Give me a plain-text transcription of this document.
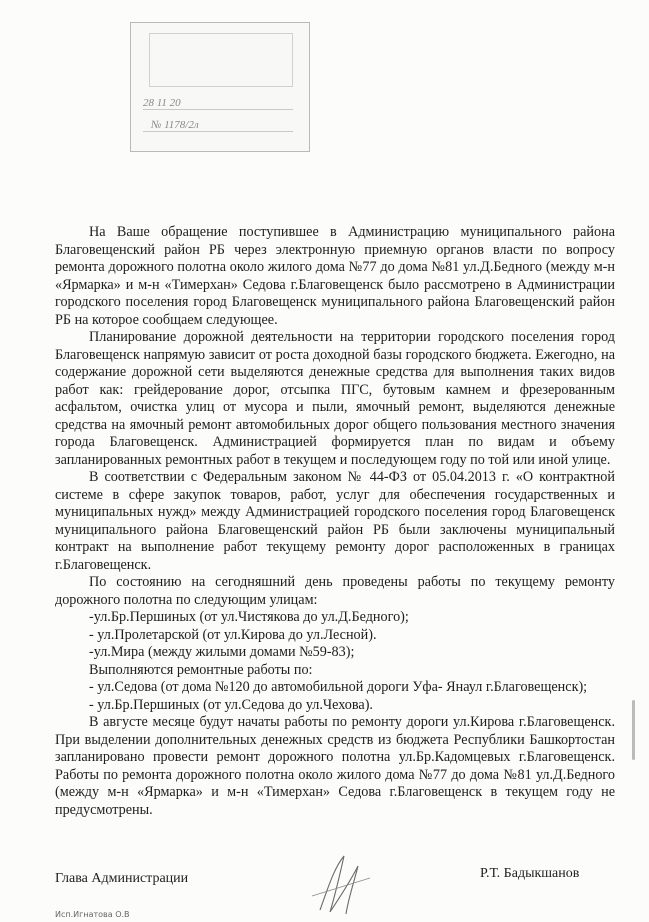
28 11 20
№ 1178/2л

На Ваше обращение поступившее в Администрацию муниципального района Благовещенский район РБ через электронную приемную органов власти по вопросу ремонта дорожного полотна около жилого дома №77 до дома №81 ул.Д.Бедного (между м-н «Ярмарка» и м-н «Тимерхан» Седова г.Благовещенск было рассмотрено в Администрации городского поселения город Благовещенск муниципального района Благовещенский район РБ на которое сообщаем следующее.

Планирование дорожной деятельности на территории городского поселения город Благовещенск напрямую зависит от роста доходной базы городского бюджета. Ежегодно, на содержание дорожной сети выделяются денежные средства для выполнения таких видов работ как: грейдерование дорог, отсыпка ПГС, бутовым камнем и фрезерованным асфальтом, очистка улиц от мусора и пыли, ямочный ремонт, выделяются денежные средства на ямочный ремонт автомобильных дорог общего пользования местного значения города Благовещенск. Администрацией формируется план по видам и объему запланированных ремонтных работ в текущем и последующем году по той или иной улице.

В соответствии с Федеральным законом № 44-ФЗ от 05.04.2013 г. «О контрактной системе в сфере закупок товаров, работ, услуг для обеспечения государственных и муниципальных нужд» между Администрацией городского поселения город Благовещенск муниципального района Благовещенский район РБ были заключены муниципальный контракт на выполнение работ текущему ремонту дорог расположенных в границах г.Благовещенск.

По состоянию на сегодняшний день проведены работы по текущему ремонту дорожного полотна по следующим улицам:

-ул.Бр.Першиных (от ул.Чистякова до ул.Д.Бедного);

- ул.Пролетарской (от ул.Кирова до ул.Лесной).

-ул.Мира (между жилыми домами №59-83);

Выполняются ремонтные работы по:

- ул.Седова (от дома №120 до автомобильной дороги Уфа- Янаул г.Благовещенск);

- ул.Бр.Першиных (от ул.Седова до ул.Чехова).

В августе месяце будут начаты работы по ремонту дороги ул.Кирова г.Благовещенск. При выделении дополнительных денежных средств из бюджета Республики Башкортостан запланировано провести ремонт дорожного полотна ул.Бр.Кадомцевых г.Благовещенск. Работы по ремонта дорожного полотна около жилого дома №77 до дома №81 ул.Д.Бедного (между м-н «Ярмарка» и м-н «Тимерхан» Седова г.Благовещенск в текущем году не предусмотрены.

Глава Администрации	Р.Т. Бадыкшанов
Исп.Игнатова О.В
